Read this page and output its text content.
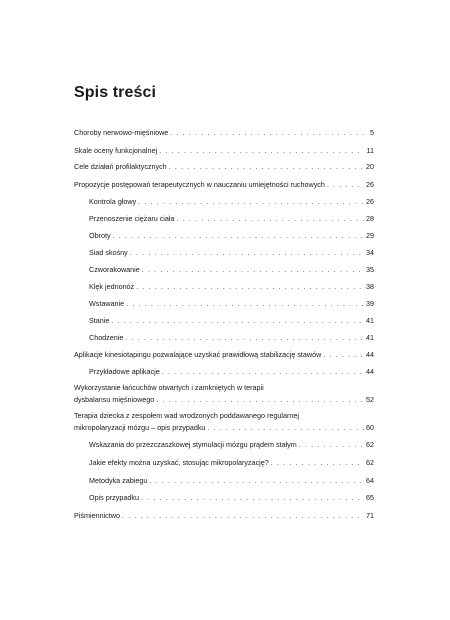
Spis treści
Choroby nerwowo-mięśniowe . . .	5
Skale oceny funkcjonalnej . . .	11
Cele działań profilaktycznych . . .	20
Propozycje postępowań terapeutycznych w nauczaniu umiejętności ruchowych . . .	26
Kontrola głowy . . .	26
Przenoszenie ciężaru ciała . . .	28
Obroty . . .	29
Siad skośny . . .	34
Czworakowanie . . .	35
Klęk jednonóż . . .	38
Wstawanie . . .	39
Stanie . . .	41
Chodzenie . . .	41
Aplikacje kinesiotapingu pozwalające uzyskać prawidłową stabilizację stawów . . .	44
Przykładowe aplikacje . . .	44
Wykorzystanie łańcuchów otwartych i zamkniętych w terapii
dysbalansu mięśniowego . . .	52
Terapia dziecka z zespołem wad wrodzonych poddawanego regularnej
mikropolaryzacji mózgu – opis przypadku . . .	60
Wskazania do przezczaszkowej stymulacji mózgu prądem stałym . . .	62
Jakie efekty można uzyskać, stosując mikropolaryzację? . . .	62
Metodyka zabiegu . . .	64
Opis przypadku . . .	65
Piśmiennictwo . . .	71
